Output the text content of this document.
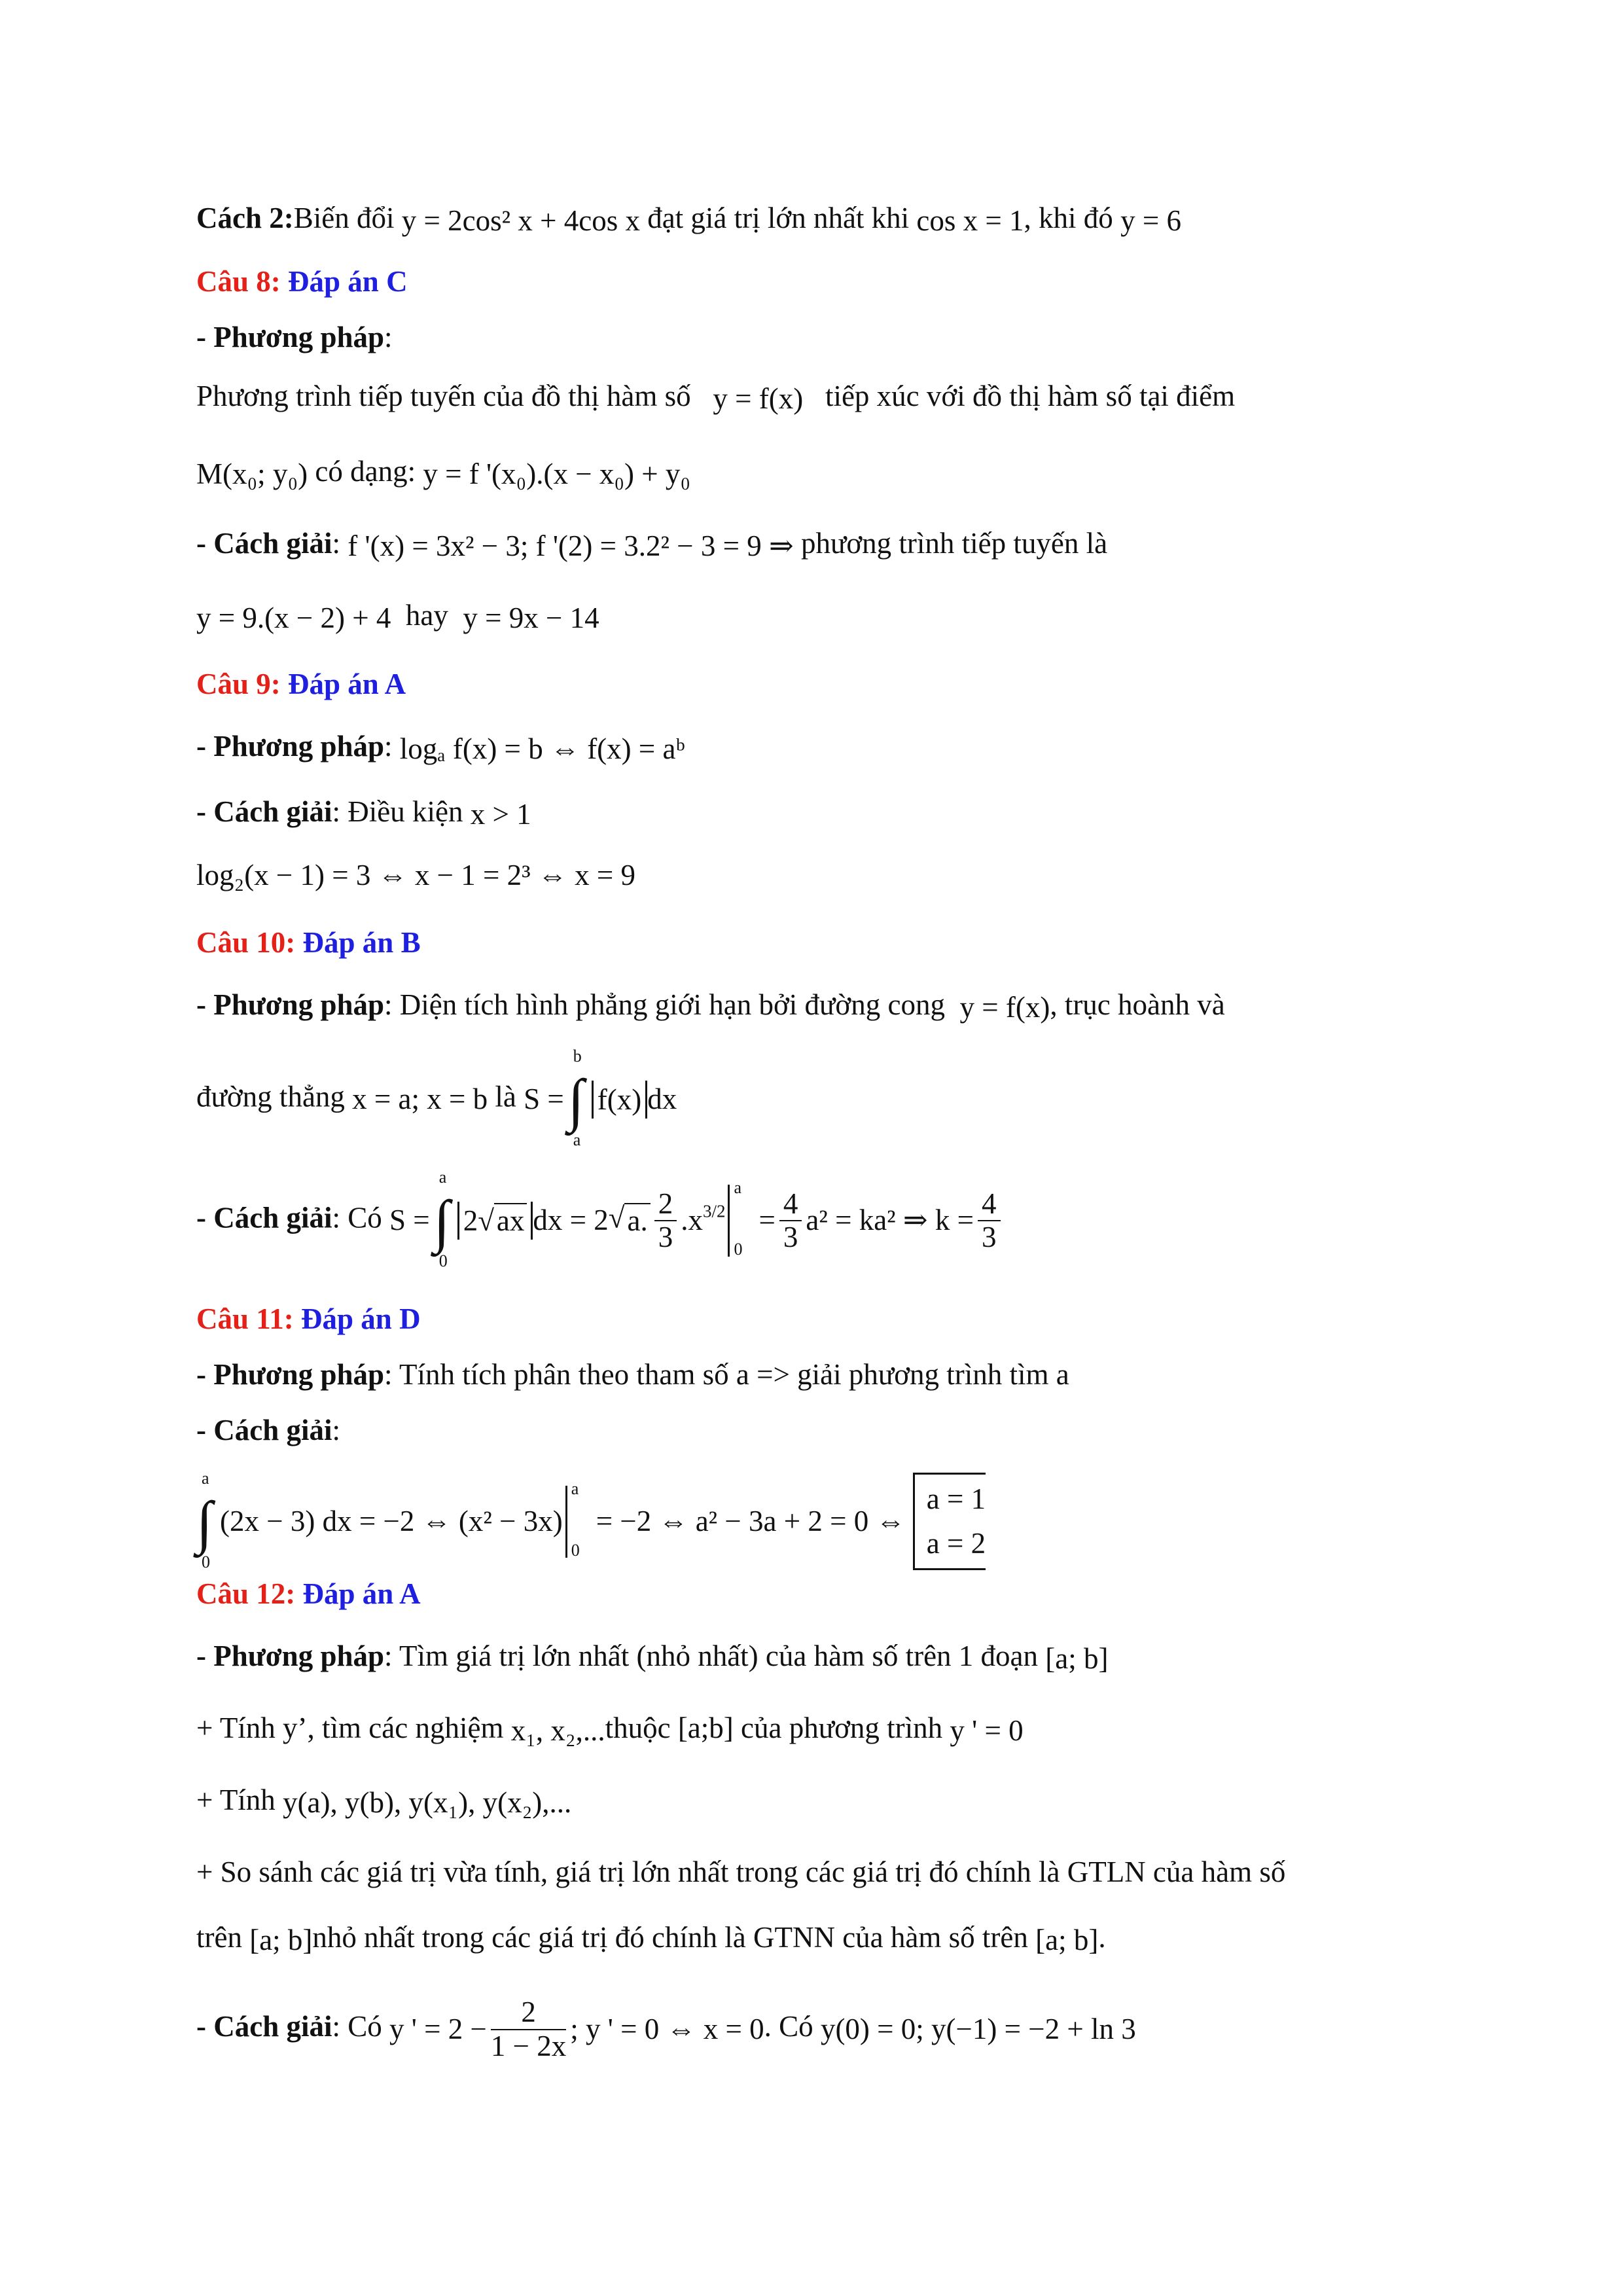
Cách 2:Biến đổi y = 2cos² x + 4cos x đạt giá trị lớn nhất khi cos x = 1, khi đó y = 6
Câu 8: Đáp án C
- Phương pháp:
Phương trình tiếp tuyến của đồ thị hàm số y = f(x) tiếp xúc với đồ thị hàm số tại điểm
M(x₀; y₀) có dạng: y = f '(x₀).(x − x₀) + y₀
- Cách giải: f '(x) = 3x² − 3; f '(2) = 3.2² − 3 = 9 ⇒ phương trình tiếp tuyến là
y = 9.(x − 2) + 4 hay y = 9x − 14
Câu 9: Đáp án A
- Phương pháp: logₐ f(x) = b ⇔ f(x) = aᵇ
- Cách giải: Điều kiện x > 1
log₂(x − 1) = 3 ⇔ x − 1 = 2³ ⇔ x = 9
Câu 10: Đáp án B
- Phương pháp: Diện tích hình phẳng giới hạn bởi đường cong y = f(x), trục hoành và
đường thẳng x = a; x = b là S =
b
∫
a
f(x) dx
- Cách giải: Có S =
a
∫
0
2√ax dx = 2√a. $\frac{2}{3} .x^{3/2}$
a
0
= $\frac{4}{3} a^2 = ka^2$ ⇒ $k = \frac{4}{3}$
Câu 11: Đáp án D
- Phương pháp: Tính tích phân theo tham số a => giải phương trình tìm a
- Cách giải:
a
∫
0
(2x − 3) dx = −2 ⇔ (x² − 3x)
a
0
= −2 ⇔ a² − 3a + 2 = 0 ⇔
a = 1
a = 2
Câu 12: Đáp án A
- Phương pháp: Tìm giá trị lớn nhất (nhỏ nhất) của hàm số trên 1 đoạn [a; b]
+ Tính y’, tìm các nghiệm x₁, x₂,...thuộc [a;b] của phương trình y ' = 0
+ Tính y(a), y(b), y(x₁), y(x₂),...
+ So sánh các giá trị vừa tính, giá trị lớn nhất trong các giá trị đó chính là GTLN của hàm số
trên [a; b]nhỏ nhất trong các giá trị đó chính là GTNN của hàm số trên [a; b].
- Cách giải: Có y ' = $2 - \frac{2}{1 - 2x}$ ; y ' = 0 ⇔ x = 0. Có y(0) = 0; y(−1) = −2 + ln 3
